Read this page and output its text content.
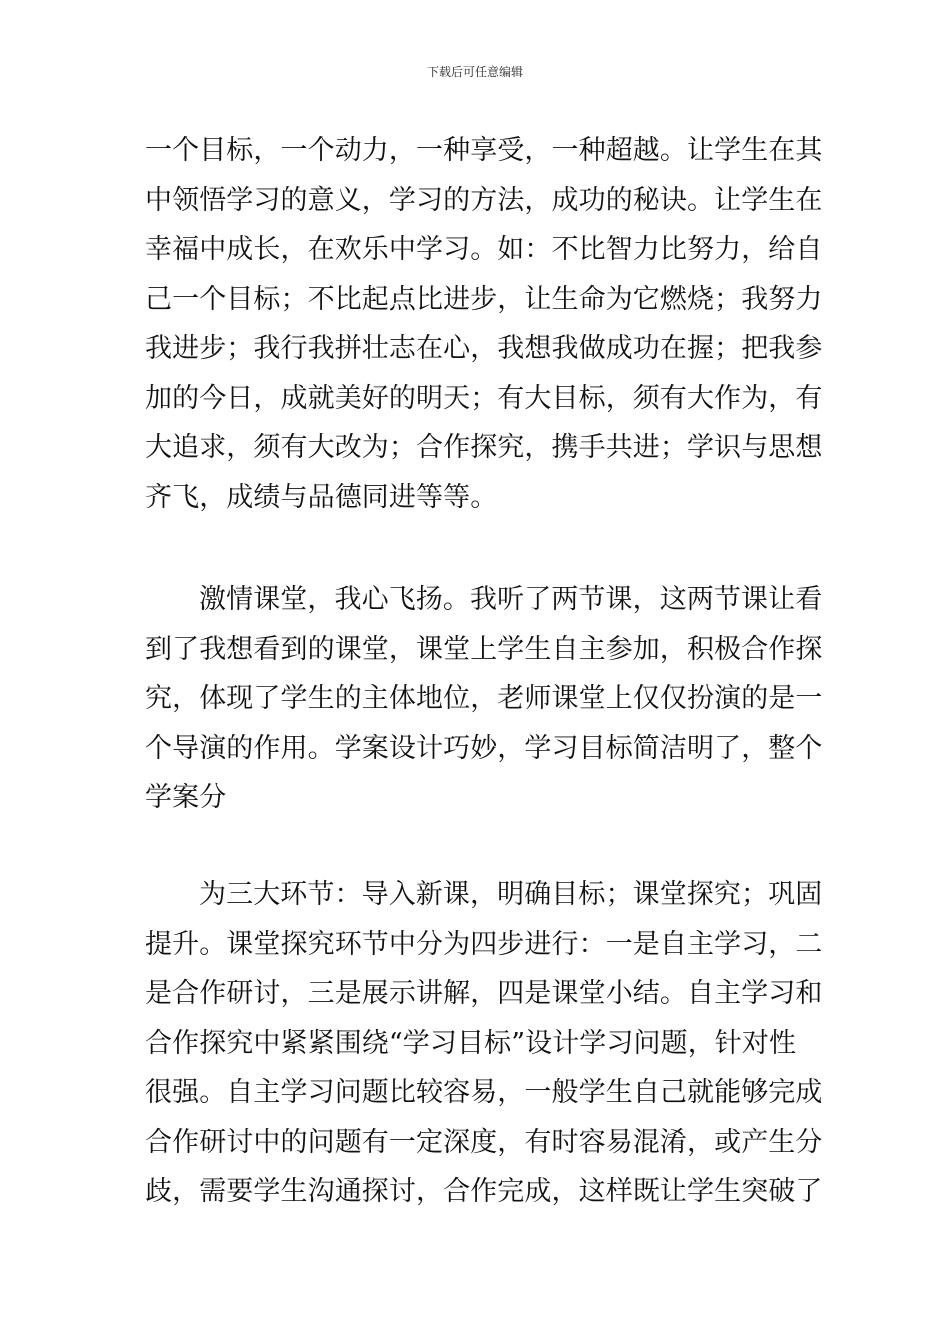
下载后可任意编辑

一个目标，一个动力，一种享受，一种超越。让学生在其
中领悟学习的意义，学习的方法，成功的秘诀。让学生在
幸福中成长，在欢乐中学习。如：不比智力比努力，给自
己一个目标；不比起点比进步，让生命为它燃烧；我努力
我进步；我行我拼壮志在心，我想我做成功在握；把我参
加的今日，成就美好的明天；有大目标，须有大作为，有
大追求，须有大改为；合作探究，携手共进；学识与思想
齐飞，成绩与品德同进等等。

激情课堂，我心飞扬。我听了两节课，这两节课让看
到了我想看到的课堂，课堂上学生自主参加，积极合作探
究，体现了学生的主体地位，老师课堂上仅仅扮演的是一
个导演的作用。学案设计巧妙，学习目标简洁明了，整个
学案分

为三大环节：导入新课，明确目标；课堂探究；巩固
提升。课堂探究环节中分为四步进行：一是自主学习，二
是合作研讨，三是展示讲解，四是课堂小结。自主学习和
合作探究中紧紧围绕“学习目标”设计学习问题，针对性
很强。自主学习问题比较容易，一般学生自己就能够完成
合作研讨中的问题有一定深度，有时容易混淆，或产生分
歧，需要学生沟通探讨，合作完成，这样既让学生突破了
